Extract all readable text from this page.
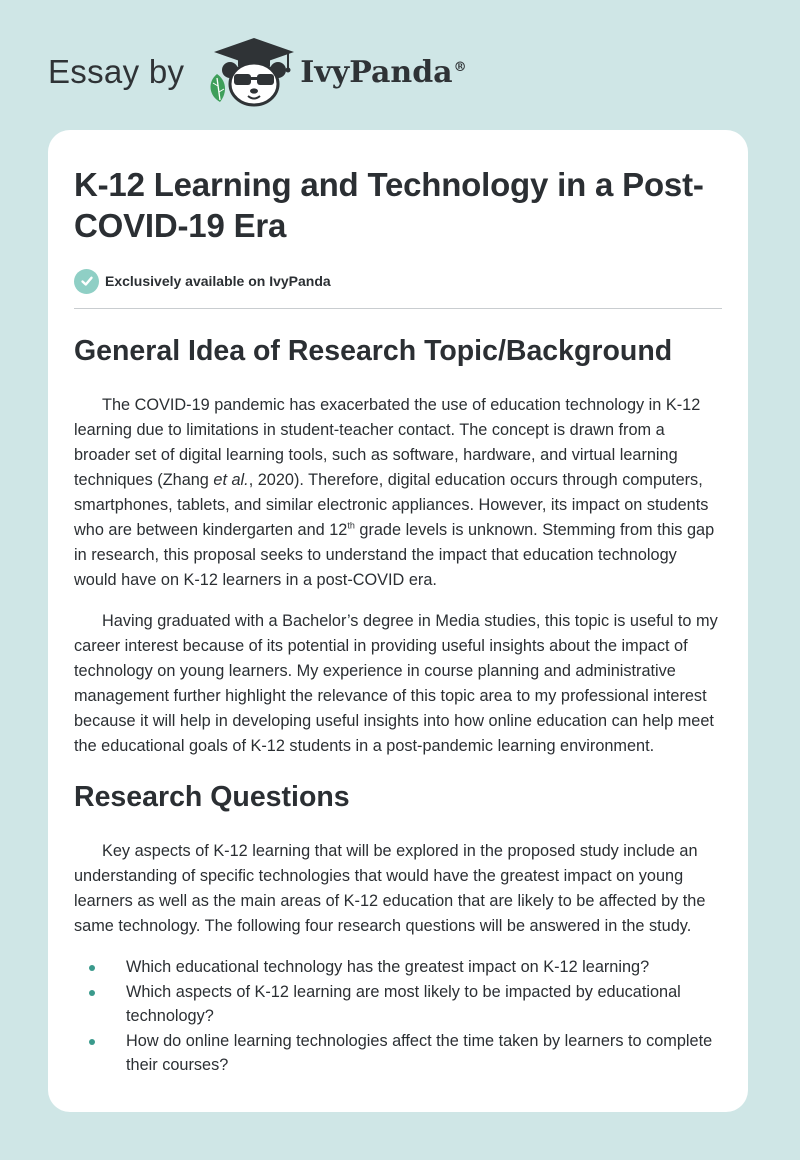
Essay by	IvyPanda®
K-12 Learning and Technology in a Post-COVID-19 Era
Exclusively available on IvyPanda
General Idea of Research Topic/Background

The COVID-19 pandemic has exacerbated the use of education technology in K-12 learning due to limitations in student-teacher contact. The concept is drawn from a broader set of digital learning tools, such as software, hardware, and virtual learning techniques (Zhang et al., 2020). Therefore, digital education occurs through computers, smartphones, tablets, and similar electronic appliances. However, its impact on students who are between kindergarten and 12th grade levels is unknown. Stemming from this gap in research, this proposal seeks to understand the impact that education technology would have on K-12 learners in a post-COVID era.

Having graduated with a Bachelor’s degree in Media studies, this topic is useful to my career interest because of its potential in providing useful insights about the impact of technology on young learners. My experience in course planning and administrative management further highlight the relevance of this topic area to my professional interest because it will help in developing useful insights into how online education can help meet the educational goals of K-12 students in a post-pandemic learning environment.

Research Questions

Key aspects of K-12 learning that will be explored in the proposed study include an understanding of specific technologies that would have the greatest impact on young learners as well as the main areas of K-12 education that are likely to be affected by the same technology. The following four research questions will be answered in the study.

Which educational technology has the greatest impact on K-12 learning?
Which aspects of K-12 learning are most likely to be impacted by educational technology?
How do online learning technologies affect the time taken by learners to complete their courses?
